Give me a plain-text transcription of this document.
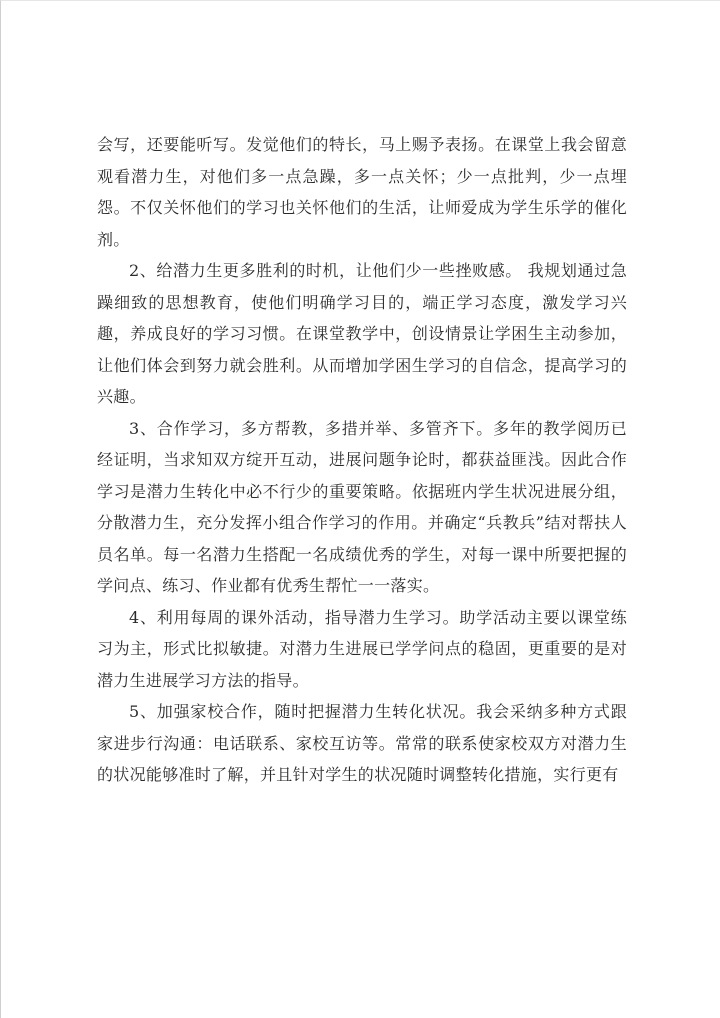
会写，还要能听写。发觉他们的特长，马上赐予表扬。在课堂上我会留意观看潜力生，对他们多一点急躁，多一点关怀；少一点批判，少一点埋怨。不仅关怀他们的学习也关怀他们的生活，让师爱成为学生乐学的催化剂。

2、给潜力生更多胜利的时机，让他们少一些挫败感。 我规划通过急躁细致的思想教育，使他们明确学习目的，端正学习态度，激发学习兴趣，养成良好的学习习惯。在课堂教学中，创设情景让学困生主动参加，让他们体会到努力就会胜利。从而增加学困生学习的自信念，提高学习的兴趣。

3、合作学习，多方帮教，多措并举、多管齐下。多年的教学阅历已经证明，当求知双方绽开互动，进展问题争论时，都获益匪浅。因此合作学习是潜力生转化中必不行少的重要策略。依据班内学生状况进展分组，分散潜力生，充分发挥小组合作学习的作用。并确定“兵教兵”结对帮扶人员名单。每一名潜力生搭配一名成绩优秀的学生，对每一课中所要把握的学问点、练习、作业都有优秀生帮忙一一落实。

4、利用每周的课外活动，指导潜力生学习。助学活动主要以课堂练习为主，形式比拟敏捷。对潜力生进展已学学问点的稳固，更重要的是对潜力生进展学习方法的指导。

5、加强家校合作，随时把握潜力生转化状况。我会采纳多种方式跟家进步行沟通：电话联系、家校互访等。常常的联系使家校双方对潜力生的状况能够准时了解，并且针对学生的状况随时调整转化措施，实行更有
